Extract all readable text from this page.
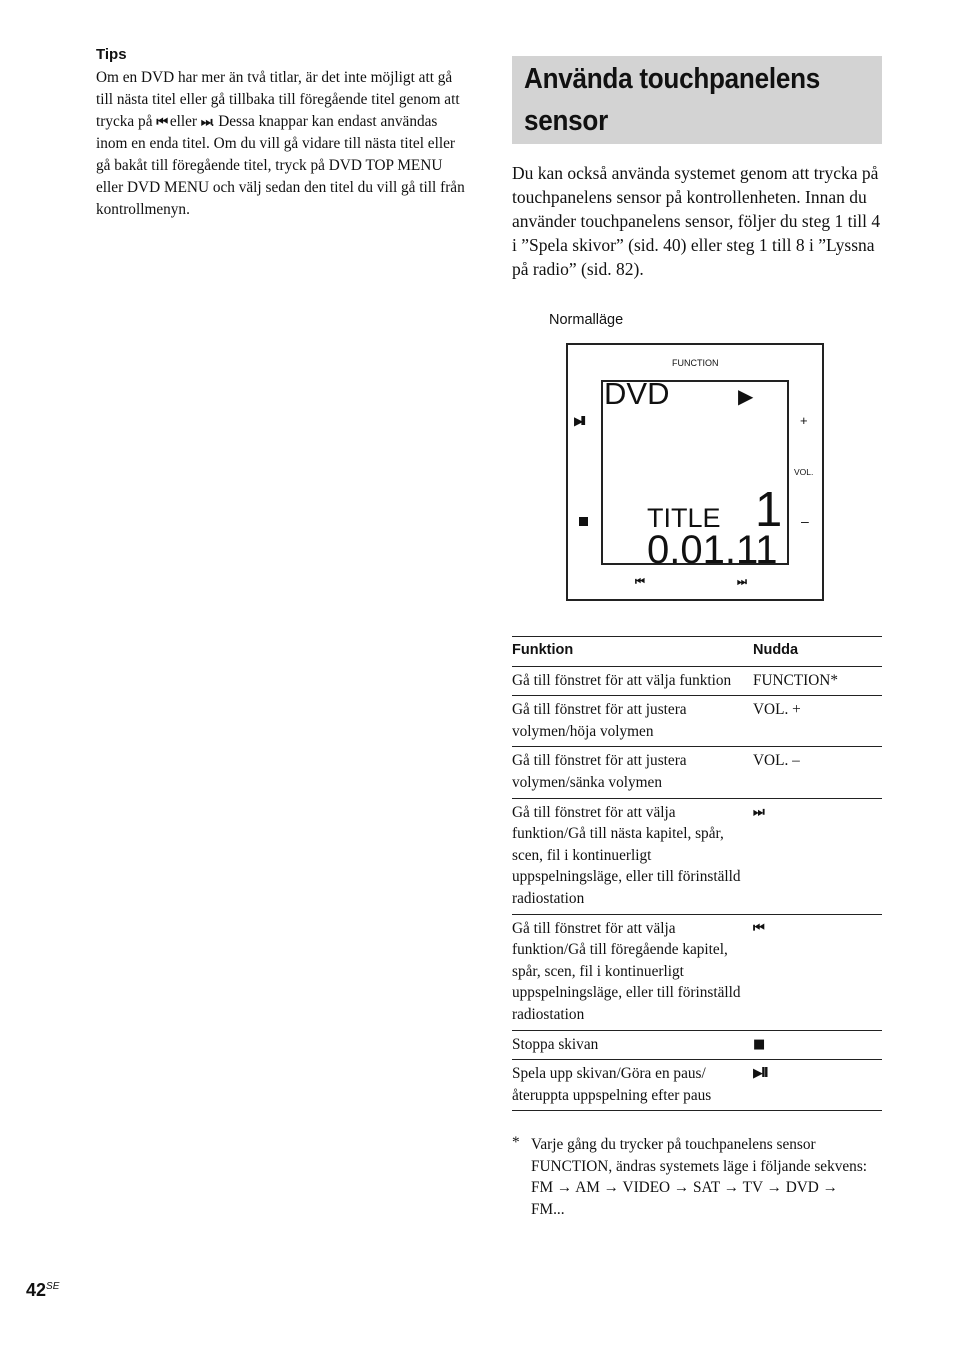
Tips
Om en DVD har mer än två titlar, är det inte möjligt att gå till nästa titel eller gå tillbaka till föregående titel genom att trycka på ⏮ eller ⏭. Dessa knappar kan endast användas inom en enda titel. Om du vill gå vidare till nästa titel eller gå bakåt till föregående titel, tryck på DVD TOP MENU eller DVD MENU och välj sedan den titel du vill gå till från kontrollmenyn.
Använda touchpanelens sensor
Du kan också använda systemet genom att trycka på touchpanelens sensor på kontrollenheten. Innan du använder touchpanelens sensor, följer du steg 1 till 4 i ”Spela skivor” (sid. 40) eller steg 1 till 8 i ”Lyssna på radio” (sid. 82).
Normalläge
FUNCTION
DVD	▶
TITLE 1
0.01.11
▶II	+
VOL.
–
⏮	⏭
Funktion	Nudda
Gå till fönstret för att välja funktion	FUNCTION*
Gå till fönstret för att justera volymen/höja volymen	VOL. +
Gå till fönstret för att justera volymen/sänka volymen	VOL. –
Gå till fönstret för att välja funktion/Gå till nästa kapitel, spår, scen, fil i kontinuerligt uppspelningsläge, eller till förinställd radiostation	⏭
Gå till fönstret för att välja funktion/Gå till föregående kapitel, spår, scen, fil i kontinuerligt uppspelningsläge, eller till förinställd radiostation	⏮
Stoppa skivan	■
Spela upp skivan/Göra en paus/återuppta uppspelning efter paus	▶II
* Varje gång du trycker på touchpanelens sensor FUNCTION, ändras systemets läge i följande sekvens:
FM → AM → VIDEO → SAT → TV → DVD → FM...
$42^{SE}$
